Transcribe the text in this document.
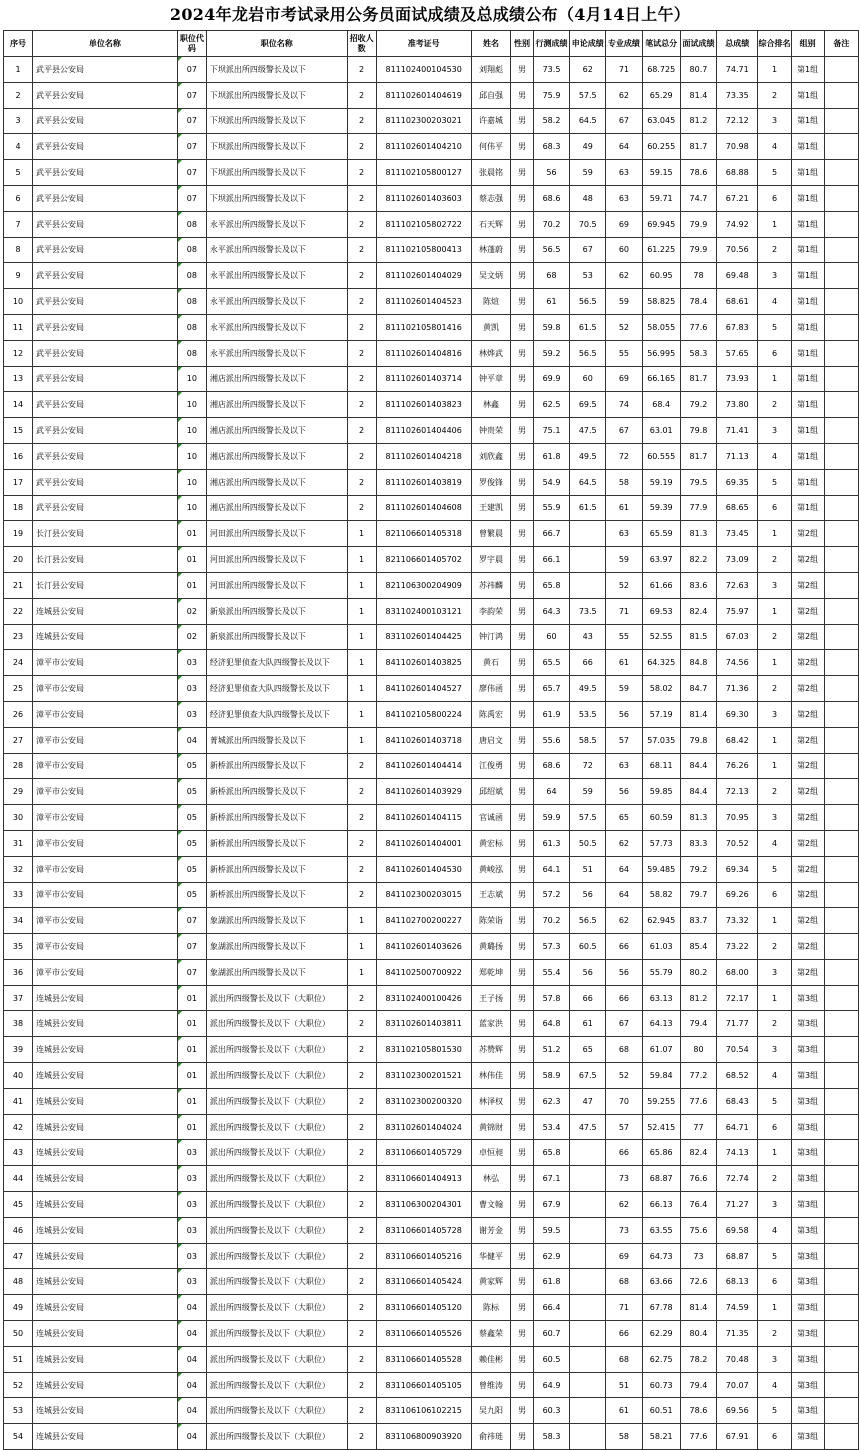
2024年龙岩市考试录用公务员面试成绩及总成绩公布（4月14日上午）
序号	单位名称	职位代码	职位名称	招收人数	准考证号	姓名	性别	行测成绩	申论成绩	专业成绩	笔试总分	面试成绩	总成绩	综合排名	组别	备注
1	武平县公安局	07	下坝派出所四级警长及以下	2	811102400104530	刘翔彪	男	73.5	62	71	68.725	80.7	74.71	1	第1组	
2	武平县公安局	07	下坝派出所四级警长及以下	2	811102601404619	邱自强	男	75.9	57.5	62	65.29	81.4	73.35	2	第1组	
3	武平县公安局	07	下坝派出所四级警长及以下	2	811102300203021	许嘉城	男	58.2	64.5	67	63.045	81.2	72.12	3	第1组	
4	武平县公安局	07	下坝派出所四级警长及以下	2	811102601404210	何伟平	男	68.3	49	64	60.255	81.7	70.98	4	第1组	
5	武平县公安局	07	下坝派出所四级警长及以下	2	811102105800127	张晨铭	男	56	59	63	59.15	78.6	68.88	5	第1组	
6	武平县公安局	07	下坝派出所四级警长及以下	2	811102601403603	蔡志强	男	68.6	48	63	59.71	74.7	67.21	6	第1组	
7	武平县公安局	08	永平派出所四级警长及以下	2	811102105802722	石天辉	男	70.2	70.5	69	69.945	79.9	74.92	1	第1组	
8	武平县公安局	08	永平派出所四级警长及以下	2	811102105800413	林蓬蔚	男	56.5	67	60	61.225	79.9	70.56	2	第1组	
9	武平县公安局	08	永平派出所四级警长及以下	2	811102601404029	吴文炳	男	68	53	62	60.95	78	69.48	3	第1组	
10	武平县公安局	08	永平派出所四级警长及以下	2	811102601404523	陈煊	男	61	56.5	59	58.825	78.4	68.61	4	第1组	
11	武平县公安局	08	永平派出所四级警长及以下	2	811102105801416	黄凯	男	59.8	61.5	52	58.055	77.6	67.83	5	第1组	
12	武平县公安局	08	永平派出所四级警长及以下	2	811102601404816	林烨武	男	59.2	56.5	55	56.995	58.3	57.65	6	第1组	
13	武平县公安局	10	湘店派出所四级警长及以下	2	811102601403714	钟平章	男	69.9	60	69	66.165	81.7	73.93	1	第1组	
14	武平县公安局	10	湘店派出所四级警长及以下	2	811102601403823	林鑫	男	62.5	69.5	74	68.4	79.2	73.80	2	第1组	
15	武平县公安局	10	湘店派出所四级警长及以下	2	811102601404406	钟贵荣	男	75.1	47.5	67	63.01	79.8	71.41	3	第1组	
16	武平县公安局	10	湘店派出所四级警长及以下	2	811102601404218	刘欣鑫	男	61.8	49.5	72	60.555	81.7	71.13	4	第1组	
17	武平县公安局	10	湘店派出所四级警长及以下	2	811102601403819	罗俊锋	男	54.9	64.5	58	59.19	79.5	69.35	5	第1组	
18	武平县公安局	10	湘店派出所四级警长及以下	2	811102601404608	王建凯	男	55.9	61.5	61	59.39	77.9	68.65	6	第1组	
19	长汀县公安局	01	河田派出所四级警长及以下	1	821106601405318	曾繁晨	男	66.7		63	65.59	81.3	73.45	1	第2组	
20	长汀县公安局	01	河田派出所四级警长及以下	1	821106601405702	罗宇晨	男	66.1		59	63.97	82.2	73.09	2	第2组	
21	长汀县公安局	01	河田派出所四级警长及以下	1	821106300204909	苏祎麟	男	65.8		52	61.66	83.6	72.63	3	第2组	
22	连城县公安局	02	新泉派出所四级警长及以下	1	831102400103121	李韵荣	男	64.3	73.5	71	69.53	82.4	75.97	1	第2组	
23	连城县公安局	02	新泉派出所四级警长及以下	1	831102601404425	钟汀鸿	男	60	43	55	52.55	81.5	67.03	2	第2组	
24	漳平市公安局	03	经济犯罪侦查大队四级警长及以下	1	841102601403825	黄石	男	65.5	66	61	64.325	84.8	74.56	1	第2组	
25	漳平市公安局	03	经济犯罪侦查大队四级警长及以下	1	841102601404527	廖伟函	男	65.7	49.5	59	58.02	84.7	71.36	2	第2组	
26	漳平市公安局	03	经济犯罪侦查大队四级警长及以下	1	841102105800224	陈禹宏	男	61.9	53.5	56	57.19	81.4	69.30	3	第2组	
27	漳平市公安局	04	菁城派出所四级警长及以下	1	841102601403718	唐启文	男	55.6	58.5	57	57.035	79.8	68.42	1	第2组	
28	漳平市公安局	05	新桥派出所四级警长及以下	2	841102601404414	江俊勇	男	68.6	72	63	68.11	84.4	76.26	1	第2组	
29	漳平市公安局	05	新桥派出所四级警长及以下	2	841102601403929	邱绍斌	男	64	59	56	59.85	84.4	72.13	2	第2组	
30	漳平市公安局	05	新桥派出所四级警长及以下	2	841102601404115	官诚函	男	59.9	57.5	65	60.59	81.3	70.95	3	第2组	
31	漳平市公安局	05	新桥派出所四级警长及以下	2	841102601404001	黄宏标	男	61.3	50.5	62	57.73	83.3	70.52	4	第2组	
32	漳平市公安局	05	新桥派出所四级警长及以下	2	841102601404530	黄峻泓	男	64.1	51	64	59.485	79.2	69.34	5	第2组	
33	漳平市公安局	05	新桥派出所四级警长及以下	2	841102300203015	王志斌	男	57.2	56	64	58.82	79.7	69.26	6	第2组	
34	漳平市公安局	07	象湖派出所四级警长及以下	1	841102700200227	陈荣诣	男	70.2	56.5	62	62.945	83.7	73.32	1	第2组	
35	漳平市公安局	07	象湖派出所四级警长及以下	1	841102601403626	黄璐扬	男	57.3	60.5	66	61.03	85.4	73.22	2	第2组	
36	漳平市公安局	07	象湖派出所四级警长及以下	1	841102500700922	郑乾坤	男	55.4	56	56	55.79	80.2	68.00	3	第2组	
37	连城县公安局	01	派出所四级警长及以下（大职位）	2	831102400100426	王子扬	男	57.8	66	66	63.13	81.2	72.17	1	第3组	
38	连城县公安局	01	派出所四级警长及以下（大职位）	2	831102601403811	蓝家洪	男	64.8	61	67	64.13	79.4	71.77	2	第3组	
39	连城县公安局	01	派出所四级警长及以下（大职位）	2	831102105801530	苏赞辉	男	51.2	65	68	61.07	80	70.54	3	第3组	
40	连城县公安局	01	派出所四级警长及以下（大职位）	2	831102300201521	林伟佳	男	58.9	67.5	52	59.84	77.2	68.52	4	第3组	
41	连城县公安局	01	派出所四级警长及以下（大职位）	2	831102300200320	林泽权	男	62.3	47	70	59.255	77.6	68.43	5	第3组	
42	连城县公安局	01	派出所四级警长及以下（大职位）	2	831102601404024	黄锦财	男	53.4	47.5	57	52.415	77	64.71	6	第3组	
43	连城县公安局	03	派出所四级警长及以下（大职位）	2	831106601405729	卓恒昶	男	65.8		66	65.86	82.4	74.13	1	第3组	
44	连城县公安局	03	派出所四级警长及以下（大职位）	2	831106601404913	林弘	男	67.1		73	68.87	76.6	72.74	2	第3组	
45	连城县公安局	03	派出所四级警长及以下（大职位）	2	831106300204301	曹文翰	男	67.9		62	66.13	76.4	71.27	3	第3组	
46	连城县公安局	03	派出所四级警长及以下（大职位）	2	831106601405728	谢芳金	男	59.5		73	63.55	75.6	69.58	4	第3组	
47	连城县公安局	03	派出所四级警长及以下（大职位）	2	831106601405216	华健平	男	62.9		69	64.73	73	68.87	5	第3组	
48	连城县公安局	03	派出所四级警长及以下（大职位）	2	831106601405424	黄家辉	男	61.8		68	63.66	72.6	68.13	6	第3组	
49	连城县公安局	04	派出所四级警长及以下（大职位）	2	831106601405120	陈标	男	66.4		71	67.78	81.4	74.59	1	第3组	
50	连城县公安局	04	派出所四级警长及以下（大职位）	2	831106601405526	蔡鑫荣	男	60.7		66	62.29	80.4	71.35	2	第3组	
51	连城县公安局	04	派出所四级警长及以下（大职位）	2	831106601405528	赖佳彬	男	60.5		68	62.75	78.2	70.48	3	第3组	
52	连城县公安局	04	派出所四级警长及以下（大职位）	2	831106601405105	曾维涛	男	64.9		51	60.73	79.4	70.07	4	第3组	
53	连城县公安局	04	派出所四级警长及以下（大职位）	2	831106106102215	吴九阳	男	60.3		61	60.51	78.6	69.56	5	第3组	
54	连城县公安局	04	派出所四级警长及以下（大职位）	2	831106800903920	俞祎琏	男	58.3		58	58.21	77.6	67.91	6	第3组	
